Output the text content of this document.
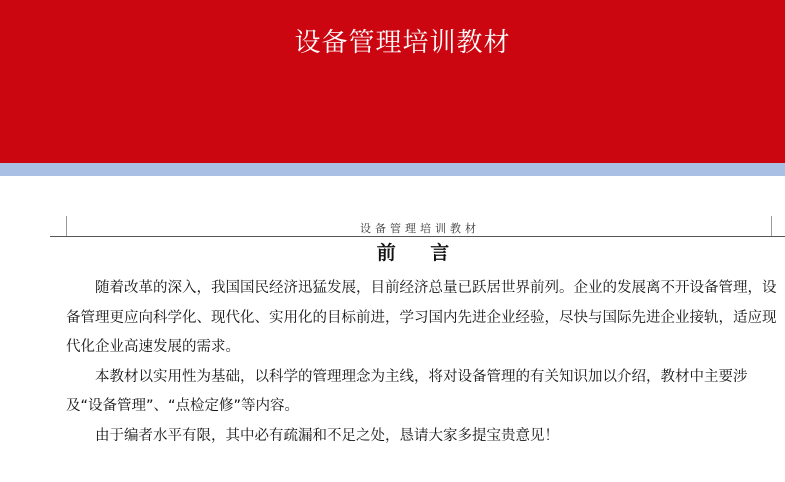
设备管理培训教材
设备管理培训教材
前 言

随着改革的深入，我国国民经济迅猛发展，目前经济总量已跃居世界前列。企业的发展离不开设备管理，设备管理更应向科学化、现代化、实用化的目标前进，学习国内先进企业经验，尽快与国际先进企业接轨，适应现代化企业高速发展的需求。

本教材以实用性为基础，以科学的管理理念为主线，将对设备管理的有关知识加以介绍，教材中主要涉及“设备管理”、“点检定修”等内容。

由于编者水平有限，其中必有疏漏和不足之处，恳请大家多提宝贵意见！
